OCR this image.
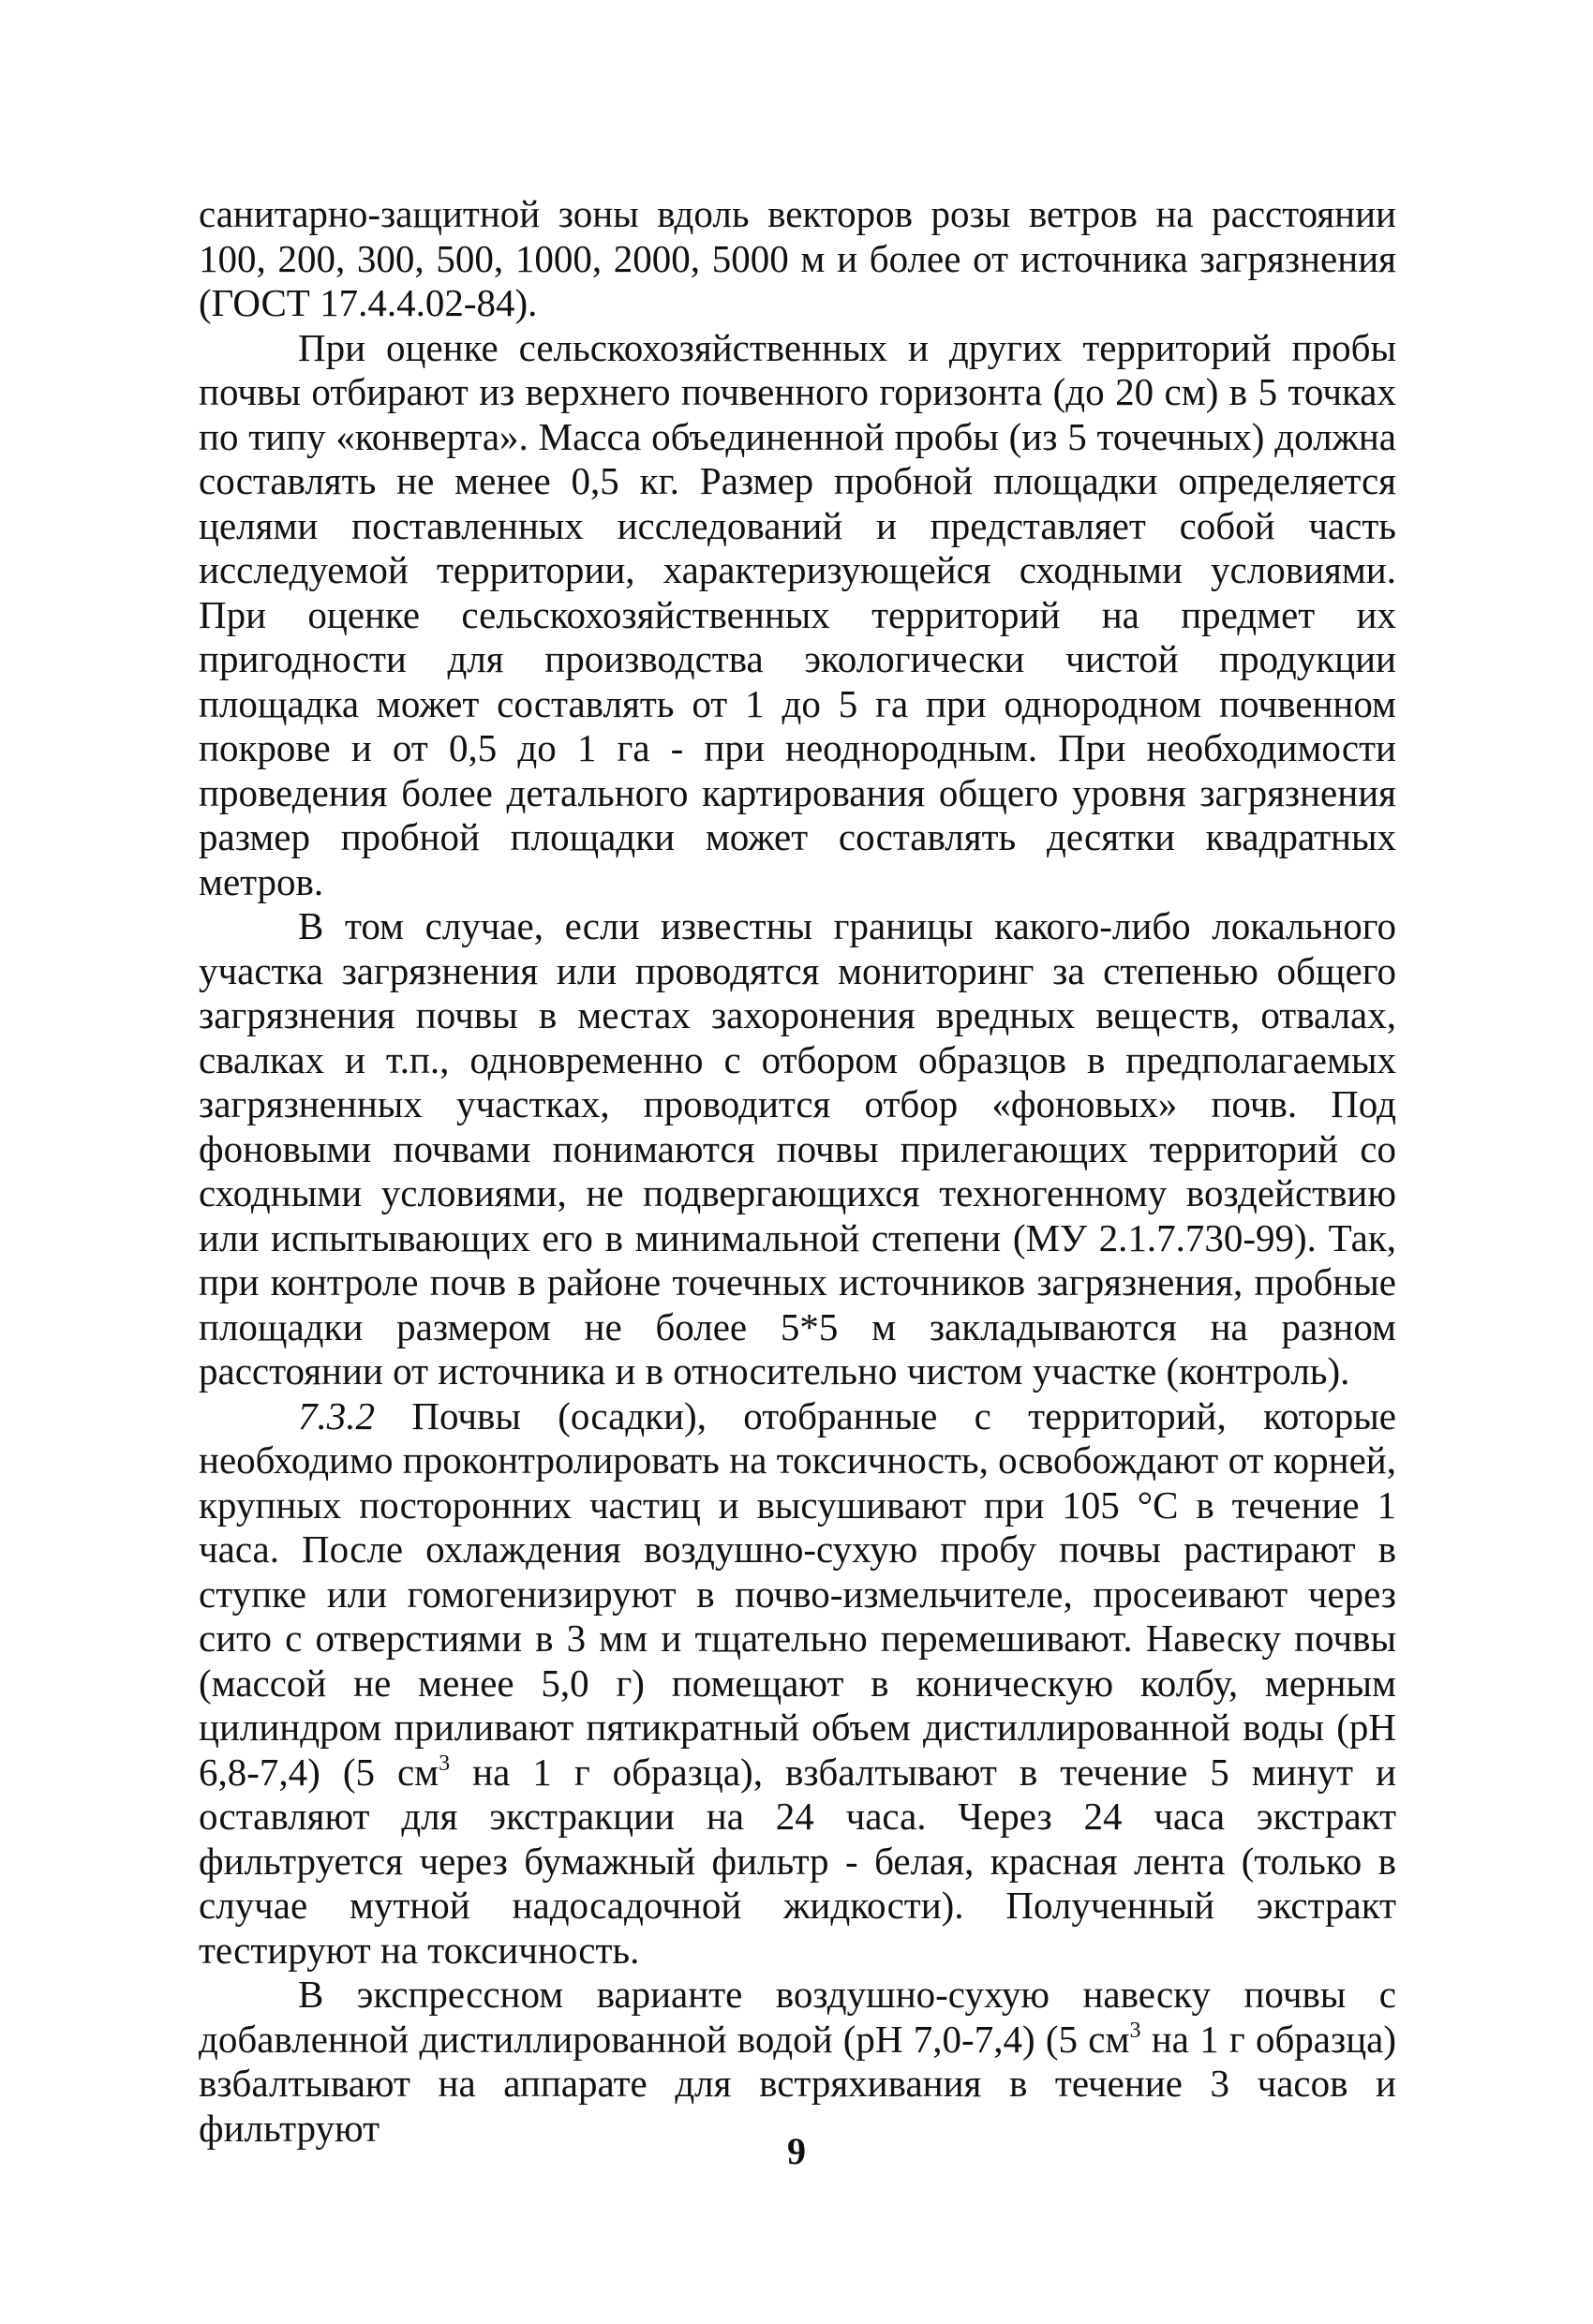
санитарно-защитной зоны вдоль векторов розы ветров на расстоянии 100, 200, 300, 500, 1000, 2000, 5000 м и более от источника загрязнения (ГОСТ 17.4.4.02-84).

При оценке сельскохозяйственных и других территорий пробы почвы отбирают из верхнего почвенного горизонта (до 20 см) в 5 точках по типу «конверта». Масса объединенной пробы (из 5 точечных) должна составлять не менее 0,5 кг. Размер пробной площадки определяется целями поставленных исследований и представляет собой часть исследуемой территории, характеризующейся сходными условиями. При оценке сельскохозяйственных территорий на предмет их пригодности для производства экологически чистой продукции площадка может составлять от 1 до 5 га при однородном почвенном покрове и от 0,5 до 1 га - при неоднородным. При необходимости проведения более детального картирования общего уровня загрязнения размер пробной площадки может составлять десятки квадратных метров.

В том случае, если известны границы какого-либо локального участка загрязнения или проводятся мониторинг за степенью общего загрязнения почвы в местах захоронения вредных веществ, отвалах, свалках и т.п., одновременно с отбором образцов в предполагаемых загрязненных участках, проводится отбор «фоновых» почв. Под фоновыми почвами понимаются почвы прилегающих территорий со сходными условиями, не подвергающихся техногенному воздействию или испытывающих его в минимальной степени (МУ 2.1.7.730-99). Так, при контроле почв в районе точечных источников загрязнения, пробные площадки размером не более 5*5 м закладываются на разном расстоянии от источника и в относительно чистом участке (контроль).

7.3.2 Почвы (осадки), отобранные с территорий, которые необходимо проконтролировать на токсичность, освобождают от корней, крупных посторонних частиц и высушивают при 105 °С в течение 1 часа. После охлаждения воздушно-сухую пробу почвы растирают в ступке или гомогенизируют в почво-измельчителе, просеивают через сито с отверстиями в 3 мм и тщательно перемешивают. Навеску почвы (массой не менее 5,0 г) помещают в коническую колбу, мерным цилиндром приливают пятикратный объем дистиллированной воды (рН 6,8-7,4) (5 $см^3$ на 1 г образца), взбалтывают в течение 5 минут и оставляют для экстракции на 24 часа. Через 24 часа экстракт фильтруется через бумажный фильтр - белая, красная лента (только в случае мутной надосадочной жидкости). Полученный экстракт тестируют на токсичность.

В экспрессном варианте воздушно-сухую навеску почвы с добавленной дистиллированной водой (рН 7,0-7,4) (5 $см^3$ на 1 г образца) взбалтывают на аппарате для встряхивания в течение 3 часов и фильтруют

9
